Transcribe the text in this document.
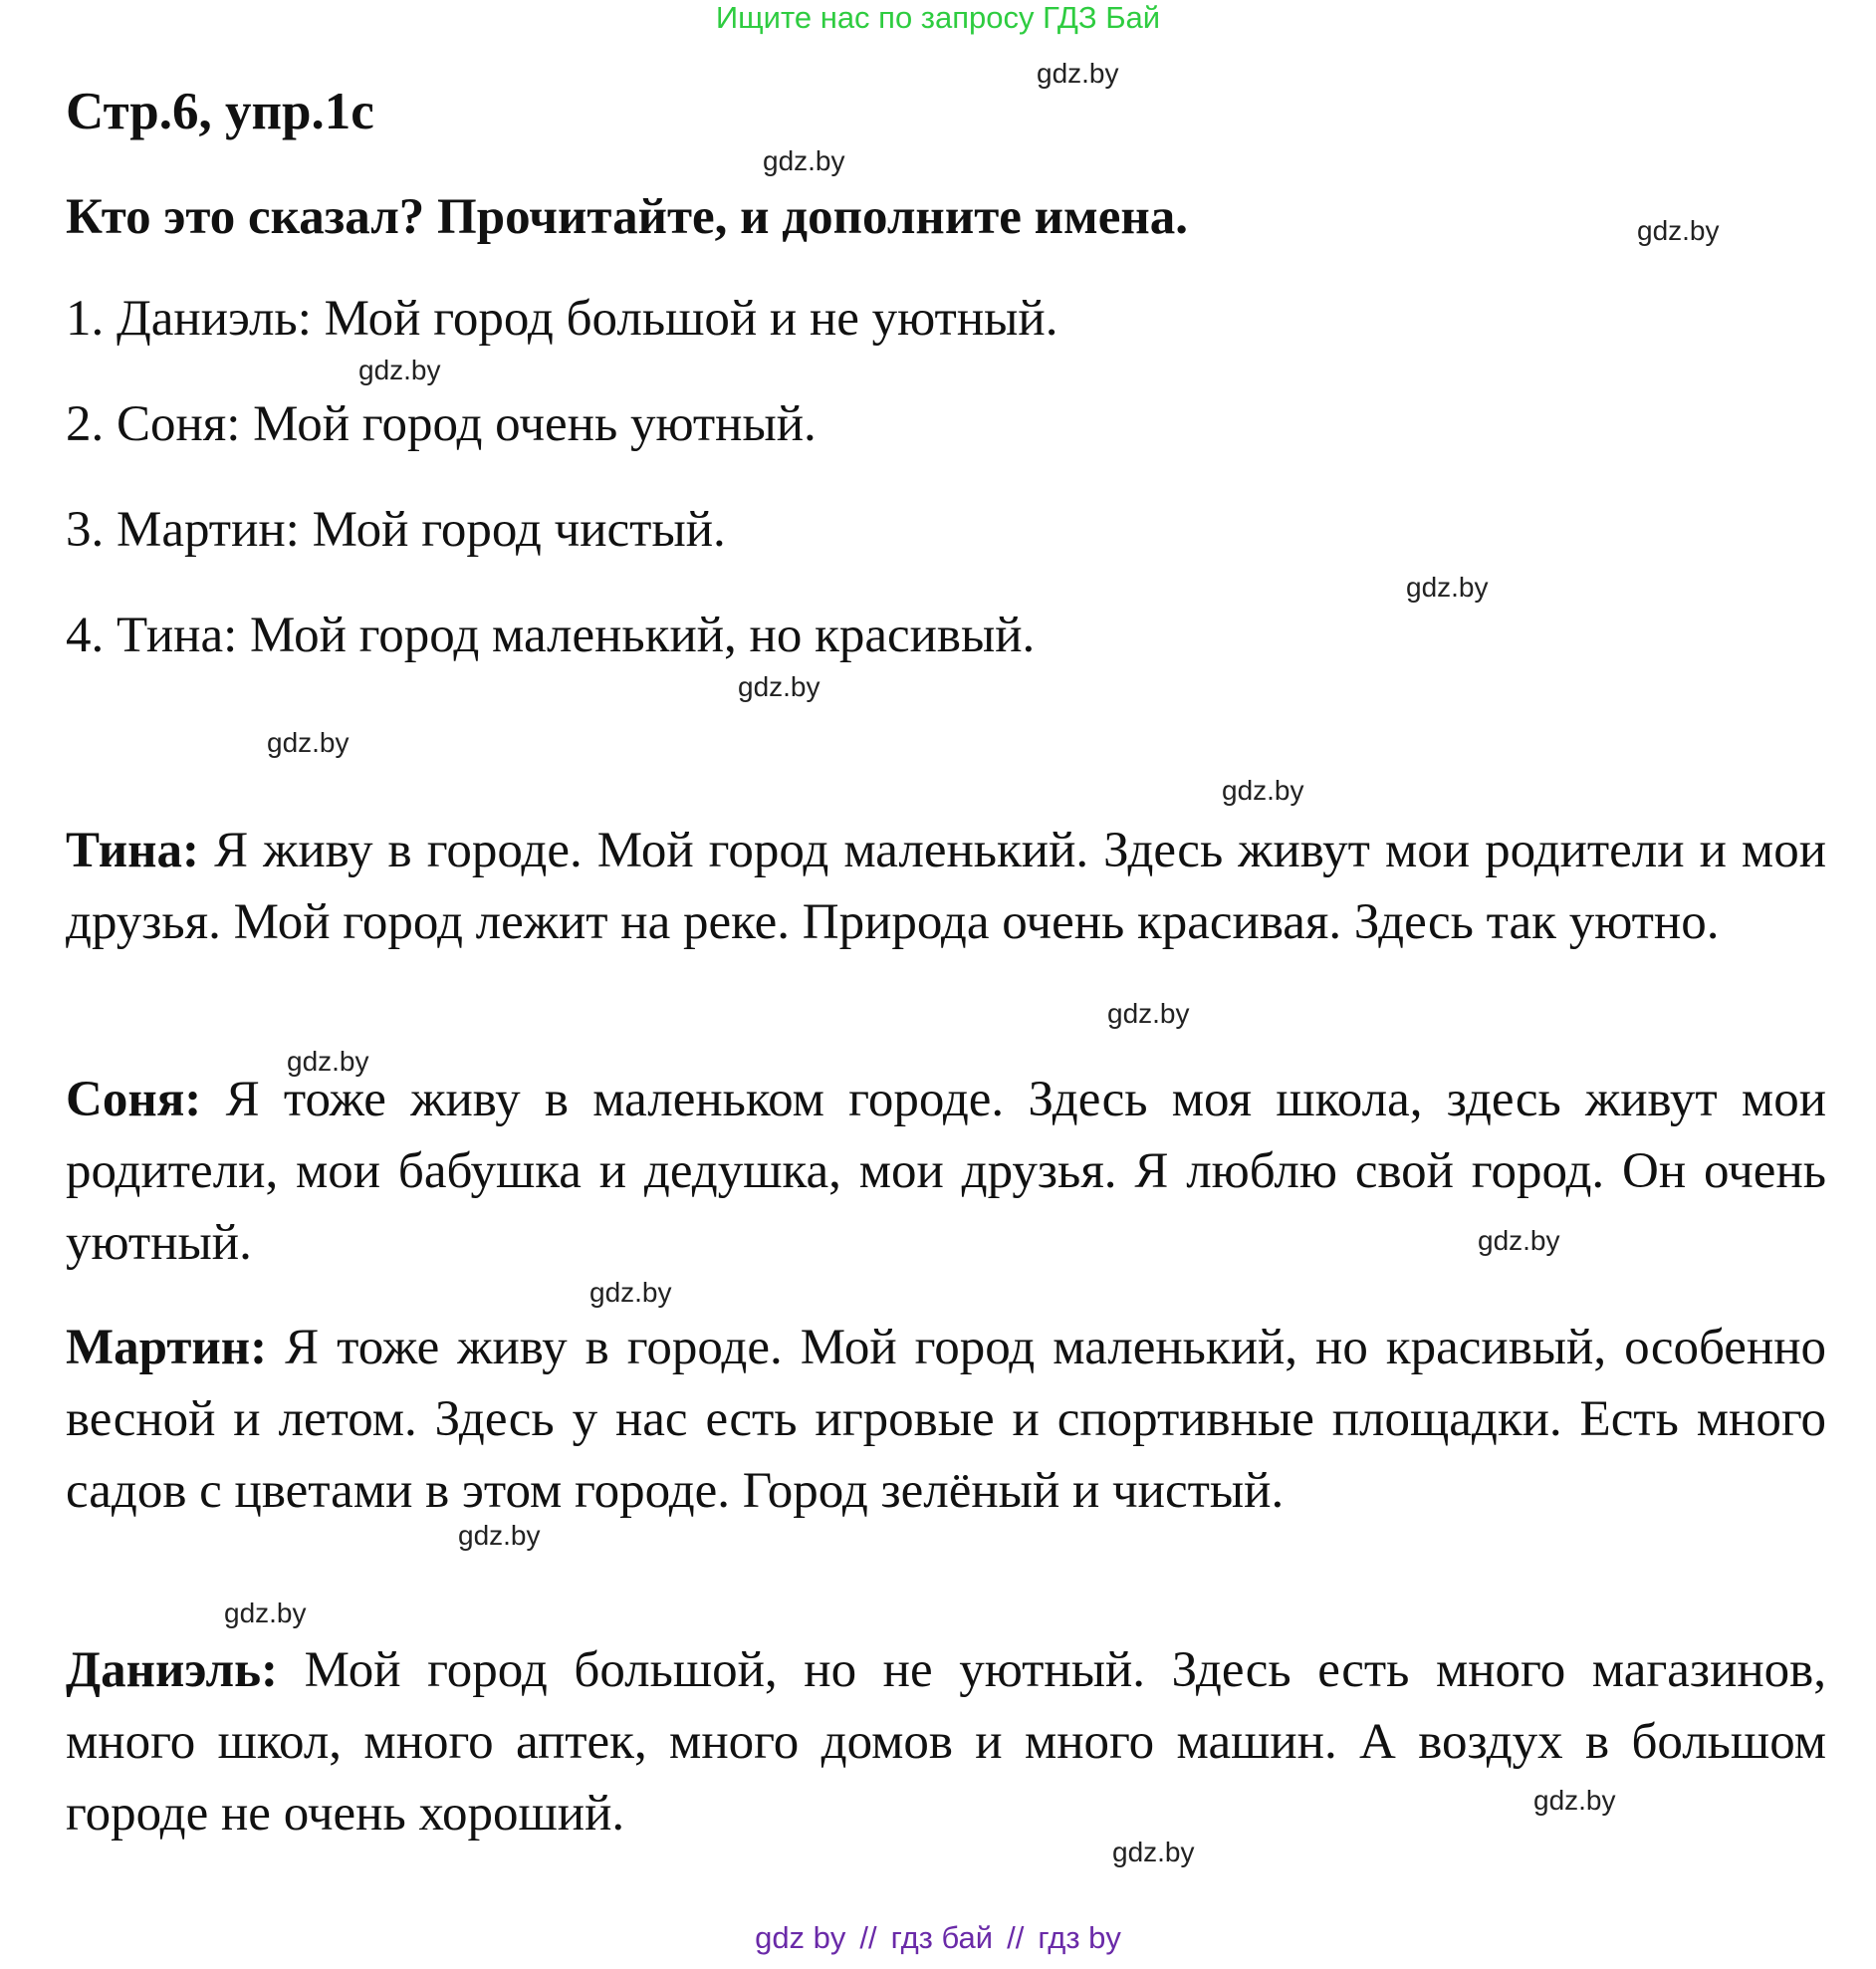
Ищите нас по запросу ГДЗ Бай
Стр.6, упр.1с
Кто это сказал? Прочитайте, и дополните имена.

1. Даниэль: Мой город большой и не уютный.

2. Соня: Мой город очень уютный.

3. Мартин: Мой город чистый.

4. Тина: Мой город маленький, но красивый.

Тина: Я живу в городе. Мой город маленький. Здесь живут мои родители и мои друзья. Мой город лежит на реке. Природа очень красивая. Здесь так уютно.

Соня: Я тоже живу в маленьком городе. Здесь моя школа, здесь живут мои родители, мои бабушка и дедушка, мои друзья. Я люблю свой город. Он очень уютный.

Мартин: Я тоже живу в городе. Мой город маленький, но красивый, особенно весной и летом. Здесь у нас есть игровые и спортивные площадки. Есть много садов с цветами в этом городе. Город зелёный и чистый.

Даниэль: Мой город большой, но не уютный. Здесь есть много магазинов, много школ, много аптек, много домов и много машин. А воздух в большом городе не очень хороший.

gdz.by
gdz.by
gdz.by
gdz.by
gdz.by
gdz.by
gdz.by
gdz.by
gdz.by
gdz.by
gdz.by
gdz.by
gdz.by
gdz.by
gdz.by
gdz.by
gdz by // гдз бай // гдз by
